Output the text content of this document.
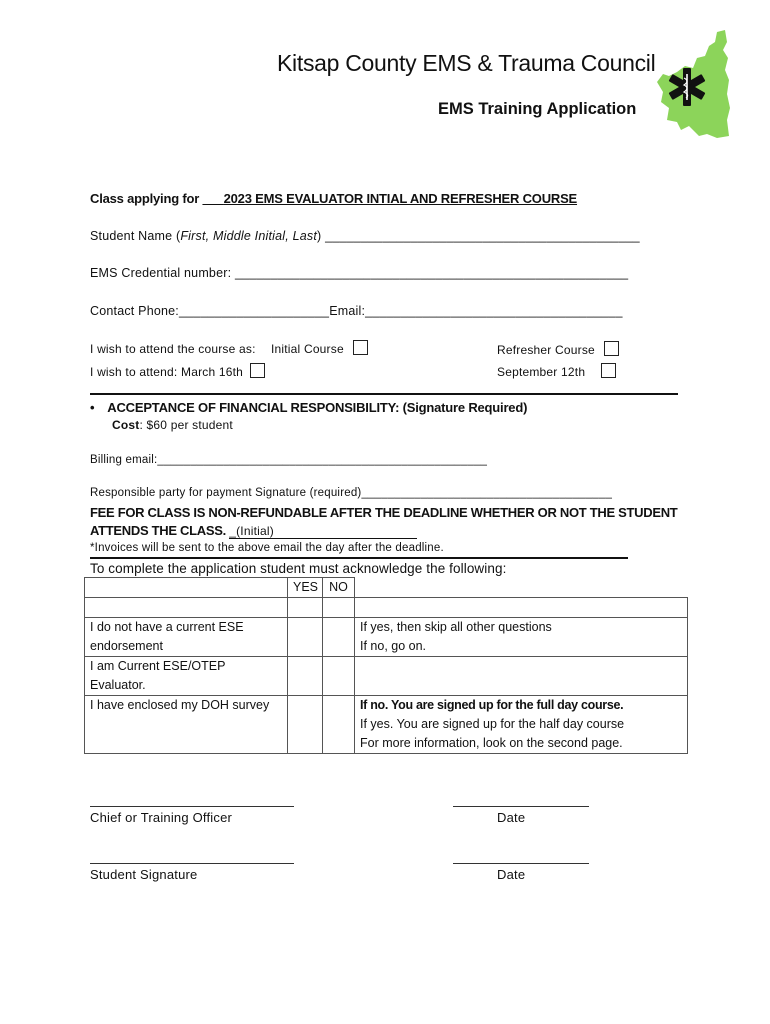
Kitsap County EMS & Trauma Council
EMS Training Application
Class applying for ___2023 EMS EVALUATOR INTIAL AND REFRESHER COURSE
Student Name (First, Middle Initial, Last) ____________________________________________
EMS Credential number: _______________________________________________________
Contact Phone:_____________________Email:____________________________________
I wish to attend the course as: Initial Course	Refresher Course
I wish to attend: March 16th	September 12th
• ACCEPTANCE OF FINANCIAL RESPONSIBILITY: (Signature Required)
Cost: $60 per student
Billing email:__________________________________________________
Responsible party for payment Signature (required)______________________________________
FEE FOR CLASS IS NON-REFUNDABLE AFTER THE DEADLINE WHETHER OR NOT THE STUDENT
ATTENDS THE CLASS. _(Initial)
*Invoices will be sent to the above email the day after the deadline.
To complete the application student must acknowledge the following:
	YES	NO	

I do not have a current ESE endorsement			If yes, then skip all other questions
If no, go on.

I am Current ESE/OTEP Evaluator.			
I have enclosed my DOH survey			If no. You are signed up for the full day course.
If yes. You are signed up for the half day course
For more information, look on the second page.
Chief or Training Officer	Date
Student Signature	Date
